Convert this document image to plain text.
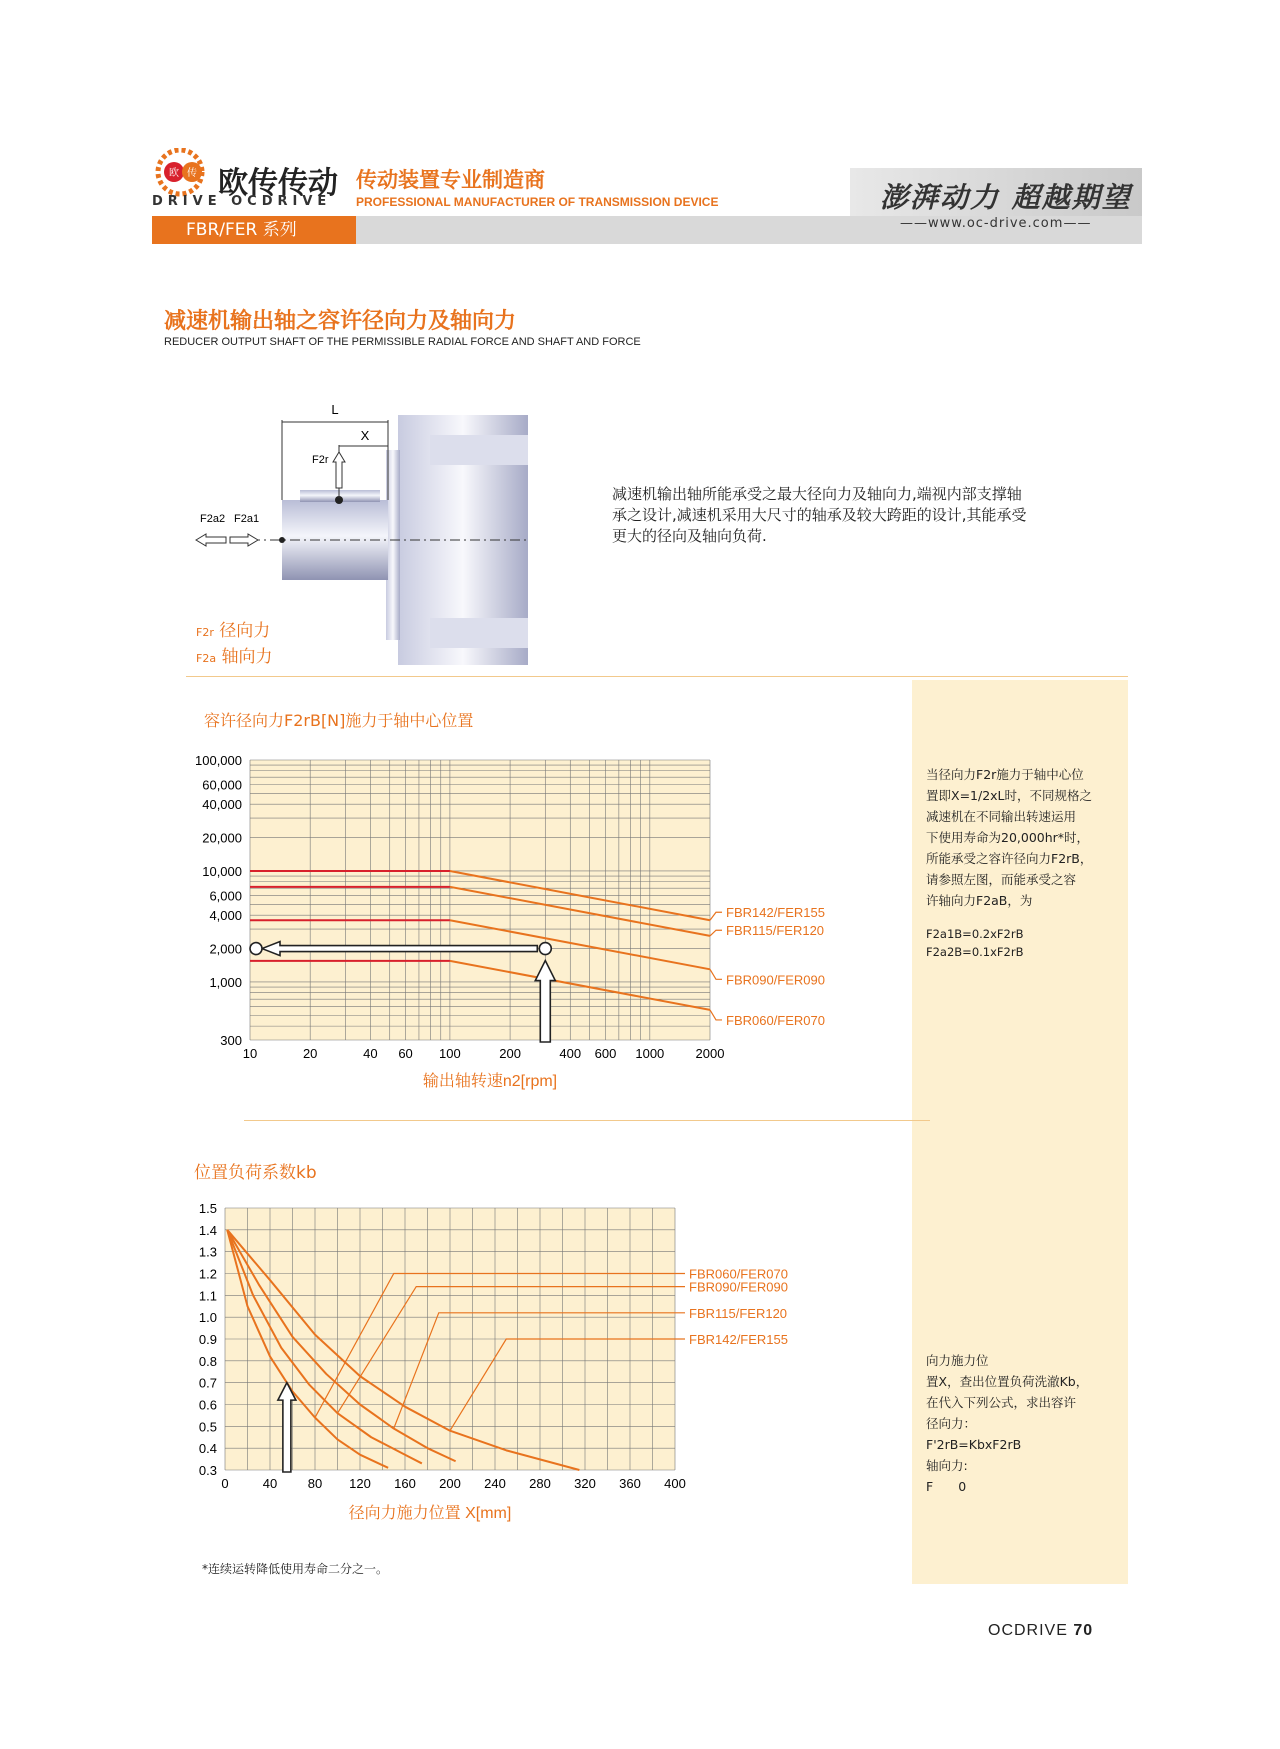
FBR/FER 系列
欧 传 欧传传动
DRIVE OCDRIVE
传动装置专业制造商
PROFESSIONAL MANUFACTURER OF TRANSMISSION DEVICE	澎湃动力 超越期望
——www.oc-drive.com——
减速机输出轴之容许径向力及轴向力
REDUCER OUTPUT SHAFT OF THE PERMISSIBLE RADIAL FORCE AND SHAFT AND FORCE
L
X
F2r
F2a2 F2a1
F2r 径向力
F2a 轴向力
减速机输出轴所能承受之最大径向力及轴向力,端视内部支撑轴
承之设计,减速机采用大尺寸的轴承及较大跨距的设计,其能承受
更大的径向及轴向负荷.
当径向力F2r施力于轴中心位
置即X=1/2xL时，不同规格之
减速机在不同输出转速运用
下使用寿命为20,000hr*时，
所能承受之容许径向力F2rB，
请参照左图，而能承受之容
许轴向力F2aB，为
F2a1B=0.2xF2rB
F2a2B=0.1xF2rB
向力施力位
置X，查出位置负荷洗澈Kb，
在代入下列公式，求出容许
径向力：
F'2rB=KbxF2rB
轴向力:
F　　0
容许径向力F2rB[N]施力于轴中心位置
10	20	40 60 100	200	400 600 1000 2000
100,000
60,000
40,000
20,000
10,000
6,000
4,000
2,000
1,000
300
输出轴转速n2[rpm]
FBR142/FER155
FBR115/FER120
FBR090/FER090
FBR060/FER070
位置负荷系数kb
0	40 80 120 160 200 240 280 320 360 400
1.5
1.4
1.3
1.2
1.1
1.0
0.9
0.8
0.7
0.6
0.5
0.4
0.3
径向力施力位置 X[mm]
FBR060/FER070
FBR090/FER090
FBR115/FER120
FBR142/FER155
*连续运转降低使用寿命二分之一。
OCDRIVE 70
